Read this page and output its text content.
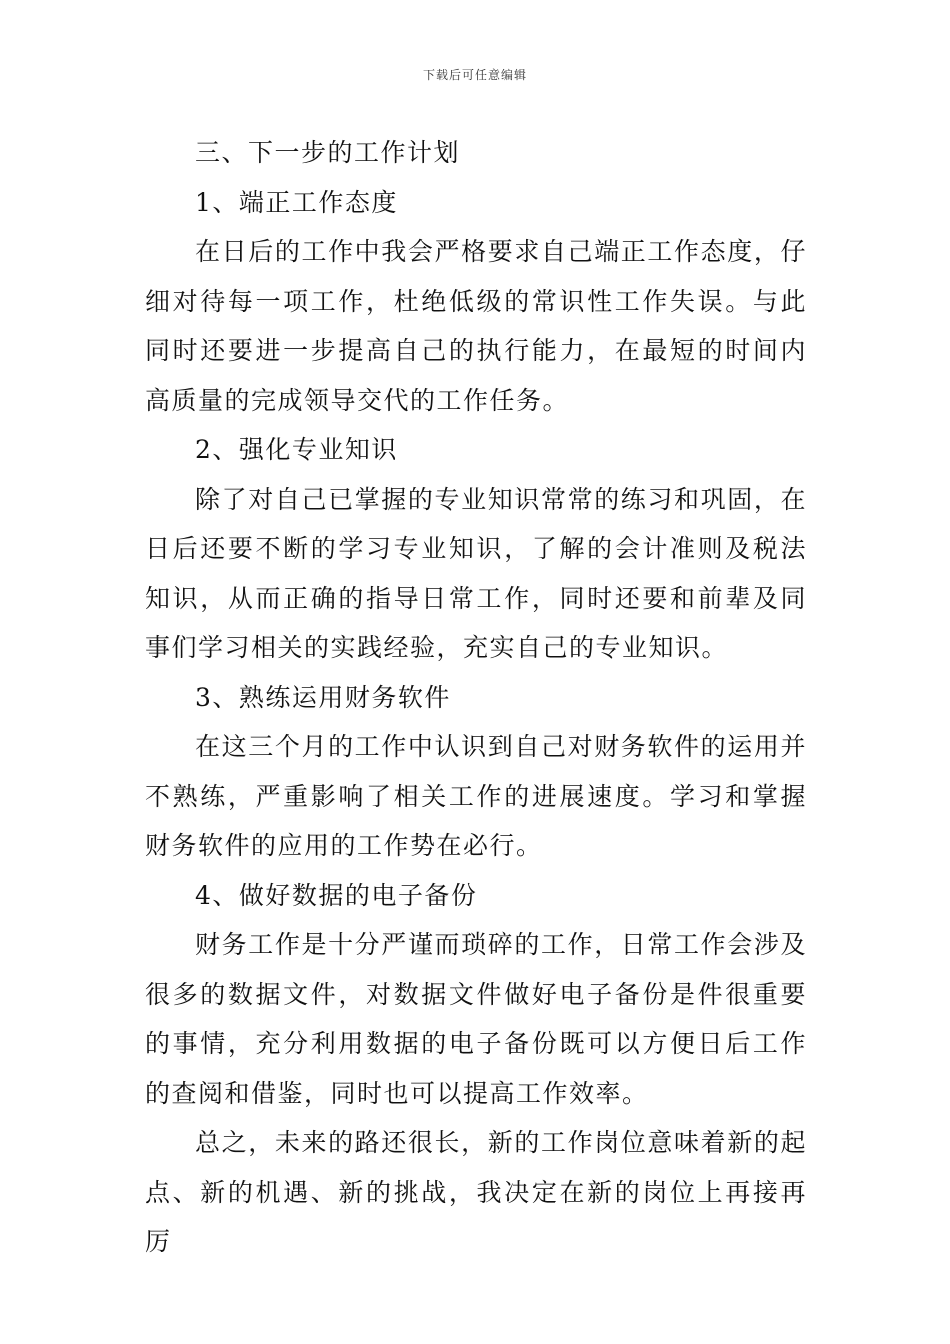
下载后可任意编辑

三、下一步的工作计划

1、端正工作态度

在日后的工作中我会严格要求自己端正工作态度，仔细对待每一项工作，杜绝低级的常识性工作失误。与此同时还要进一步提高自己的执行能力，在最短的时间内高质量的完成领导交代的工作任务。

2、强化专业知识

除了对自己已掌握的专业知识常常的练习和巩固，在日后还要不断的学习专业知识，了解的会计准则及税法知识，从而正确的指导日常工作，同时还要和前辈及同事们学习相关的实践经验，充实自己的专业知识。

3、熟练运用财务软件

在这三个月的工作中认识到自己对财务软件的运用并不熟练，严重影响了相关工作的进展速度。学习和掌握财务软件的应用的工作势在必行。

4、做好数据的电子备份

财务工作是十分严谨而琐碎的工作，日常工作会涉及很多的数据文件，对数据文件做好电子备份是件很重要的事情，充分利用数据的电子备份既可以方便日后工作的查阅和借鉴，同时也可以提高工作效率。

总之，未来的路还很长，新的工作岗位意味着新的起点、新的机遇、新的挑战，我决定在新的岗位上再接再厉
